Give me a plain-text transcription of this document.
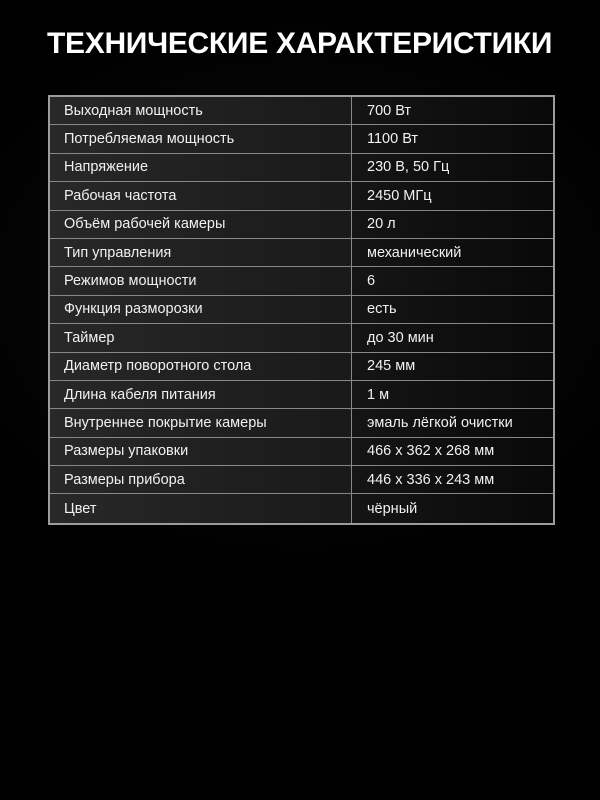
ТЕХНИЧЕСКИЕ ХАРАКТЕРИСТИКИ
Выходная мощность	700 Вт
Потребляемая мощность	1100 Вт
Напряжение	230 В, 50 Гц
Рабочая частота	2450 МГц
Объём рабочей камеры	20 л
Тип управления	механический
Режимов мощности	6
Функция разморозки	есть
Таймер	до 30 мин
Диаметр поворотного стола	245 мм
Длина кабеля питания	1 м
Внутреннее покрытие камеры	эмаль лёгкой очистки
Размеры упаковки	466 x 362 x 268 мм
Размеры прибора	446 x 336 x 243 мм
Цвет	чёрный
